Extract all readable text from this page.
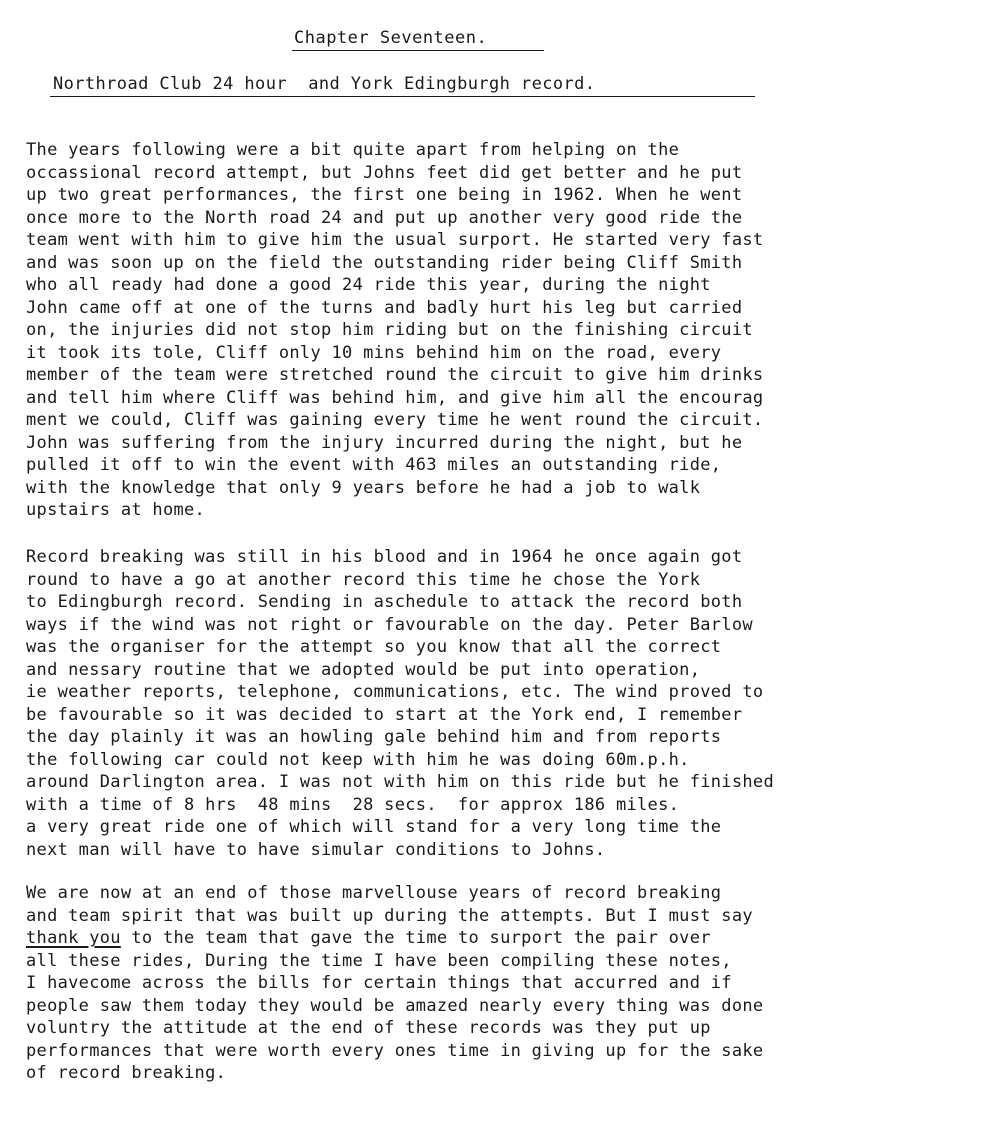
Chapter Seventeen.
Northroad Club 24 hour  and York Edingburgh record.
The years following were a bit quite apart from helping on the
occassional record attempt, but Johns feet did get better and he put
up two great performances, the first one being in 1962. When he went
once more to the North road 24 and put up another very good ride the
team went with him to give him the usual surport. He started very fast
and was soon up on the field the outstanding rider being Cliff Smith
who all ready had done a good 24 ride this year, during the night
John came off at one of the turns and badly hurt his leg but carried
on, the injuries did not stop him riding but on the finishing circuit
it took its tole, Cliff only 10 mins behind him on the road, every
member of the team were stretched round the circuit to give him drinks
and tell him where Cliff was behind him, and give him all the encourag
ment we could, Cliff was gaining every time he went round the circuit.
John was suffering from the injury incurred during the night, but he
pulled it off to win the event with 463 miles an outstanding ride,
with the knowledge that only 9 years before he had a job to walk
upstairs at home.
Record breaking was still in his blood and in 1964 he once again got
round to have a go at another record this time he chose the York
to Edingburgh record. Sending in aschedule to attack the record both
ways if the wind was not right or favourable on the day. Peter Barlow
was the organiser for the attempt so you know that all the correct
and nessary routine that we adopted would be put into operation,
ie weather reports, telephone, communications, etc. The wind proved to
be favourable so it was decided to start at the York end, I remember
the day plainly it was an howling gale behind him and from reports
the following car could not keep with him he was doing 60m.p.h.
around Darlington area. I was not with him on this ride but he finished
with a time of 8 hrs  48 mins  28 secs.  for approx 186 miles.
a very great ride one of which will stand for a very long time the
next man will have to have simular conditions to Johns.
We are now at an end of those marvellouse years of record breaking
and team spirit that was built up during the attempts. But I must say
thank you to the team that gave the time to surport the pair over
all these rides, During the time I have been compiling these notes,
I havecome across the bills for certain things that accurred and if
people saw them today they would be amazed nearly every thing was done
voluntry the attitude at the end of these records was they put up
performances that were worth every ones time in giving up for the sake
of record breaking.
